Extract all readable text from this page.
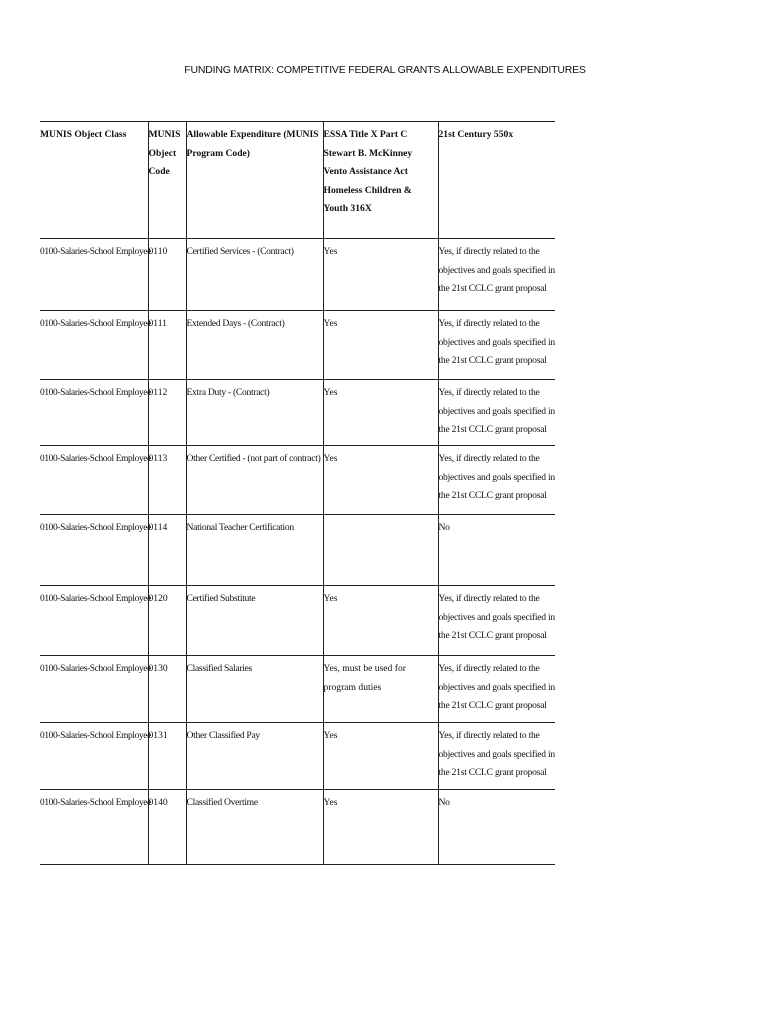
FUNDING MATRIX: COMPETITIVE FEDERAL GRANTS ALLOWABLE EXPENDITURES
MUNIS Object Class	MUNIS Object Code	Allowable Expenditure (MUNIS Program Code)	ESSA Title X Part C Stewart B. McKinney Vento Assistance Act Homeless Children & Youth 316X	21st Century 550x
0100-Salaries-School Employee	0110	Certified Services - (Contract)	Yes	Yes, if directly related to the objectives and goals specified in the 21st CCLC grant proposal
0100-Salaries-School Employee	0111	Extended Days - (Contract)	Yes	Yes, if directly related to the objectives and goals specified in the 21st CCLC grant proposal
0100-Salaries-School Employee	0112	Extra Duty - (Contract)	Yes	Yes, if directly related to the objectives and goals specified in the 21st CCLC grant proposal
0100-Salaries-School Employee	0113	Other Certified - (not part of contract)	Yes	Yes, if directly related to the objectives and goals specified in the 21st CCLC grant proposal
0100-Salaries-School Employee	0114	National Teacher Certification		No
0100-Salaries-School Employee	0120	Certified Substitute	Yes	Yes, if directly related to the objectives and goals specified in the 21st CCLC grant proposal
0100-Salaries-School Employee	0130	Classified Salaries	Yes, must be used for program duties	Yes, if directly related to the objectives and goals specified in the 21st CCLC grant proposal
0100-Salaries-School Employee	0131	Other Classified Pay	Yes	Yes, if directly related to the objectives and goals specified in the 21st CCLC grant proposal
0100-Salaries-School Employee	0140	Classified Overtime	Yes	No
